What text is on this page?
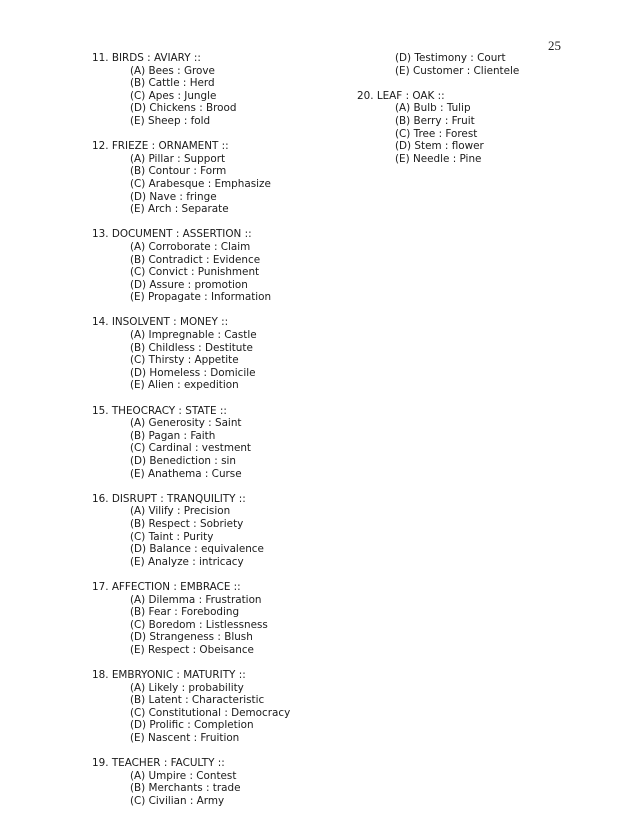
25
11. BIRDS : AVIARY ::
(A) Bees : Grove
(B) Cattle : Herd
(C) Apes : Jungle
(D) Chickens : Brood
(E) Sheep : fold
12. FRIEZE : ORNAMENT ::
(A) Pillar : Support
(B) Contour : Form
(C) Arabesque : Emphasize
(D) Nave : fringe
(E) Arch : Separate
13. DOCUMENT : ASSERTION ::
(A) Corroborate : Claim
(B) Contradict : Evidence
(C) Convict : Punishment
(D) Assure : promotion
(E) Propagate : Information
14. INSOLVENT : MONEY ::
(A) Impregnable : Castle
(B) Childless : Destitute
(C) Thirsty : Appetite
(D) Homeless : Domicile
(E) Alien : expedition
15. THEOCRACY : STATE ::
(A) Generosity : Saint
(B) Pagan : Faith
(C) Cardinal : vestment
(D) Benediction : sin
(E) Anathema : Curse
16. DISRUPT : TRANQUILITY ::
(A) Vilify : Precision
(B) Respect : Sobriety
(C) Taint : Purity
(D) Balance : equivalence
(E) Analyze : intricacy
17. AFFECTION : EMBRACE ::
(A) Dilemma : Frustration
(B) Fear : Foreboding
(C) Boredom : Listlessness
(D) Strangeness : Blush
(E) Respect : Obeisance
18. EMBRYONIC : MATURITY ::
(A) Likely : probability
(B) Latent : Characteristic
(C) Constitutional : Democracy
(D) Prolific : Completion
(E) Nascent : Fruition
19. TEACHER : FACULTY ::
(A) Umpire : Contest
(B) Merchants : trade
(C) Civilian : Army
(D) Testimony : Court
(E) Customer : Clientele
20. LEAF : OAK ::
(A) Bulb : Tulip
(B) Berry : Fruit
(C) Tree : Forest
(D) Stem : flower
(E) Needle : Pine
